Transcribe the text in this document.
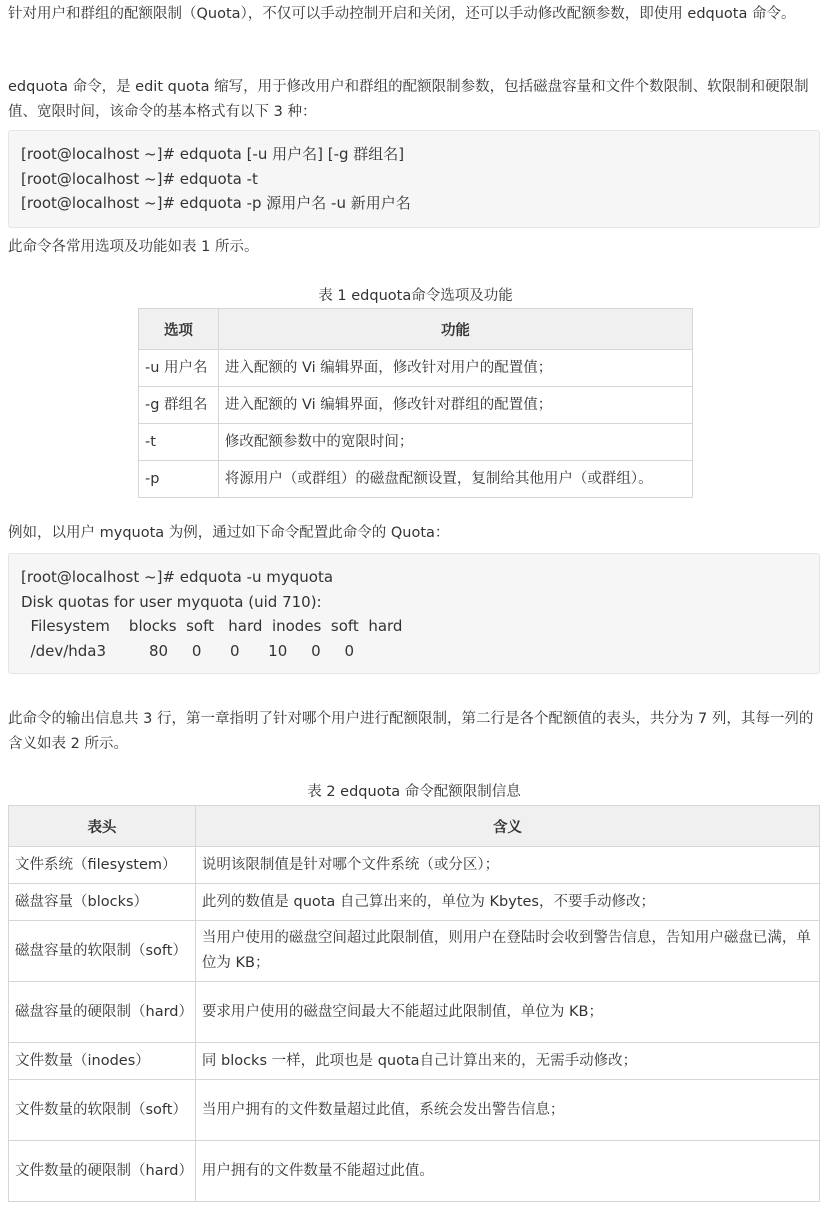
针对用户和群组的配额限制（Quota），不仅可以手动控制开启和关闭，还可以手动修改配额参数，即使用 edquota 命令。

edquota 命令，是 edit quota 缩写，用于修改用户和群组的配额限制参数，包括磁盘容量和文件个数限制、软限制和硬限制值、宽限时间，该命令的基本格式有以下 3 种：

[root@localhost ~]# edquota [-u 用户名] [-g 群组名]
[root@localhost ~]# edquota -t
[root@localhost ~]# edquota -p 源用户名 -u 新用户名

此命令各常用选项及功能如表 1 所示。

表 1 edquota命令选项及功能
选项	功能
-u 用户名	进入配额的 Vi 编辑界面，修改针对用户的配置值；
-g 群组名	进入配额的 Vi 编辑界面，修改针对群组的配置值；
-t	修改配额参数中的宽限时间；
-p	将源用户（或群组）的磁盘配额设置，复制给其他用户（或群组）。

例如，以用户 myquota 为例，通过如下命令配置此命令的 Quota：

[root@localhost ~]# edquota -u myquota
Disk quotas for user myquota (uid 710):
Filesystem    blocks  soft   hard  inodes  soft  hard
/dev/hda3         80     0      0      10     0     0

此命令的输出信息共 3 行，第一章指明了针对哪个用户进行配额限制，第二行是各个配额值的表头，共分为 7 列，其每一列的含义如表 2 所示。

表 2 edquota 命令配额限制信息
表头	含义
文件系统（filesystem）	说明该限制值是针对哪个文件系统（或分区）；
磁盘容量（blocks）	此列的数值是 quota 自己算出来的，单位为 Kbytes，不要手动修改；
磁盘容量的软限制（soft）	当用户使用的磁盘空间超过此限制值，则用户在登陆时会收到警告信息，告知用户磁盘已满，单位为 KB；
磁盘容量的硬限制（hard）	要求用户使用的磁盘空间最大不能超过此限制值，单位为 KB；
文件数量（inodes）	同 blocks 一样，此项也是 quota自己计算出来的，无需手动修改；
文件数量的软限制（soft）	当用户拥有的文件数量超过此值，系统会发出警告信息；
文件数量的硬限制（hard）	用户拥有的文件数量不能超过此值。
